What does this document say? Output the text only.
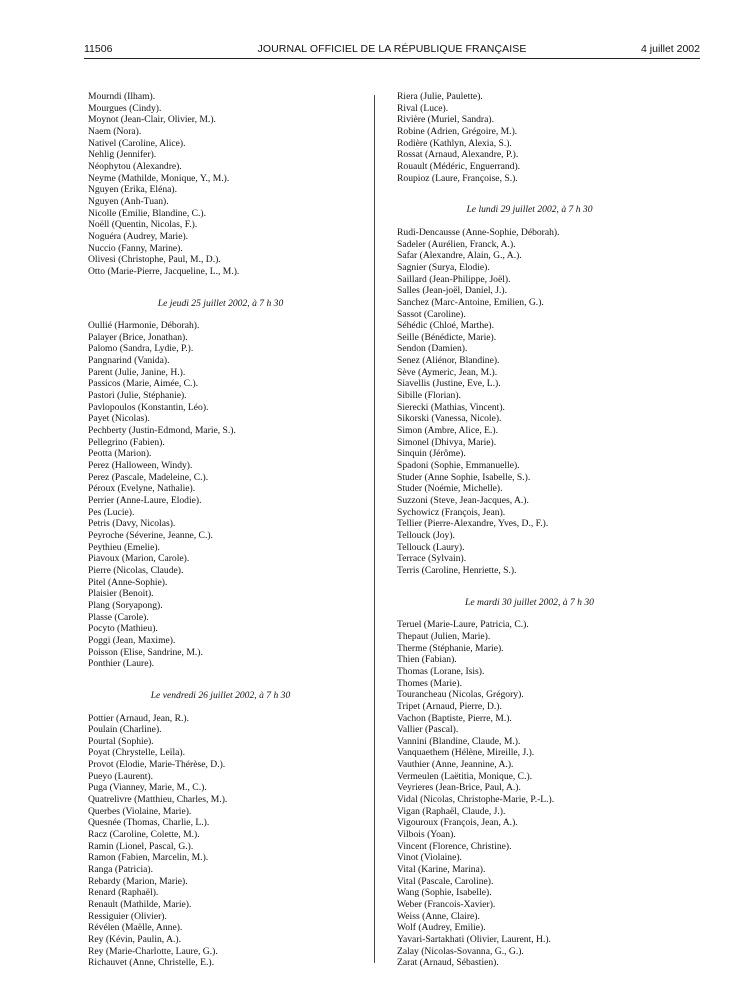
11506	JOURNAL OFFICIEL DE LA RÉPUBLIQUE FRANÇAISE	4 juillet 2002
Mourndi (Ilham).
Mourgues (Cindy).
Moynot (Jean-Clair, Olivier, M.).
Naem (Nora).
Nativel (Caroline, Alice).
Nehlig (Jennifer).
Néophytou (Alexandre).
Neyme (Mathilde, Monique, Y., M.).
Nguyen (Erika, Eléna).
Nguyen (Anh-Tuan).
Nicolle (Emilie, Blandine, C.).
Noëll (Quentin, Nicolas, F.).
Noguéra (Audrey, Marie).
Nuccio (Fanny, Marine).
Olivesi (Christophe, Paul, M., D.).
Otto (Marie-Pierre, Jacqueline, L., M.).
Le jeudi 25 juillet 2002, à 7 h 30
Oullié (Harmonie, Déborah).
Palayer (Brice, Jonathan).
Palomo (Sandra, Lydie, P.).
Pangnarind (Vanida).
Parent (Julie, Janine, H.).
Passicos (Marie, Aimée, C.).
Pastori (Julie, Stéphanie).
Pavlopoulos (Konstantin, Léo).
Payet (Nicolas).
Pechberty (Justin-Edmond, Marie, S.).
Pellegrino (Fabien).
Peotta (Marion).
Perez (Halloween, Windy).
Perez (Pascale, Madeleine, C.).
Péroux (Evelyne, Nathalie).
Perrier (Anne-Laure, Elodie).
Pes (Lucie).
Petris (Davy, Nicolas).
Peyroche (Séverine, Jeanne, C.).
Peythieu (Emelie).
Piavoux (Marion, Carole).
Pierre (Nicolas, Claude).
Pitel (Anne-Sophie).
Plaisier (Benoit).
Plang (Soryapong).
Plasse (Carole).
Pocyto (Mathieu).
Poggi (Jean, Maxime).
Poisson (Elise, Sandrine, M.).
Ponthier (Laure).
Le vendredi 26 juillet 2002, à 7 h 30
Pottier (Arnaud, Jean, R.).
Poulain (Charline).
Pourtal (Sophie).
Poyat (Chrystelle, Leïla).
Provot (Elodie, Marie-Thérèse, D.).
Pueyo (Laurent).
Puga (Vianney, Marie, M., C.).
Quatrelivre (Matthieu, Charles, M.).
Querbes (Violaine, Marie).
Quesnée (Thomas, Charlie, L.).
Racz (Caroline, Colette, M.).
Ramin (Lionel, Pascal, G.).
Ramon (Fabien, Marcelin, M.).
Ranga (Patricia).
Rebardy (Marion, Marie).
Renard (Raphaël).
Renault (Mathilde, Marie).
Ressiguier (Olivier).
Révélen (Maëlle, Anne).
Rey (Kévin, Paulin, A.).
Rey (Marie-Charlotte, Laure, G.).
Richauvet (Anne, Christelle, E.).
Riera (Julie, Paulette).
Rival (Luce).
Rivière (Muriel, Sandra).
Robine (Adrien, Grégoire, M.).
Rodière (Kathlyn, Alexia, S.).
Rossat (Arnaud, Alexandre, P.).
Rouault (Médéric, Enguerrand).
Roupioz (Laure, Françoise, S.).
Le lundi 29 juillet 2002, à 7 h 30
Rudi-Dencausse (Anne-Sophie, Déborah).
Sadeler (Aurélien, Franck, A.).
Safar (Alexandre, Alain, G., A.).
Sagnier (Surya, Elodie).
Saillard (Jean-Philippe, Joël).
Salles (Jean-joël, Daniel, J.).
Sanchez (Marc-Antoine, Emilien, G.).
Sassot (Caroline).
Séhédic (Chloé, Marthe).
Seille (Bénédicte, Marie).
Sendon (Damien).
Senez (Aliénor, Blandine).
Sève (Aymeric, Jean, M.).
Siavellis (Justine, Eve, L.).
Sibille (Florian).
Sierecki (Mathias, Vincent).
Sikorski (Vanessa, Nicole).
Simon (Ambre, Alice, E.).
Simonel (Dhivya, Marie).
Sinquin (Jérôme).
Spadoni (Sophie, Emmanuelle).
Studer (Anne Sophie, Isabelle, S.).
Studer (Noémie, Michelle).
Suzzoni (Steve, Jean-Jacques, A.).
Sychowicz (François, Jean).
Tellier (Pierre-Alexandre, Yves, D., F.).
Tellouck (Joy).
Tellouck (Laury).
Terrace (Sylvain).
Terris (Caroline, Henriette, S.).
Le mardi 30 juillet 2002, à 7 h 30
Teruel (Marie-Laure, Patricia, C.).
Thepaut (Julien, Marie).
Therme (Stéphanie, Marie).
Thien (Fabian).
Thomas (Lorane, Isis).
Thomes (Marie).
Tourancheau (Nicolas, Grégory).
Tripet (Arnaud, Pierre, D.).
Vachon (Baptiste, Pierre, M.).
Vallier (Pascal).
Vannini (Blandine, Claude, M.).
Vanquaethem (Hélène, Mireille, J.).
Vauthier (Anne, Jeannine, A.).
Vermeulen (Laëtitia, Monique, C.).
Veyrieres (Jean-Brice, Paul, A.).
Vidal (Nicolas, Christophe-Marie, P.-L.).
Vigan (Raphaël, Claude, J.).
Vigouroux (François, Jean, A.).
Vilbois (Yoan).
Vincent (Florence, Christine).
Vinot (Violaine).
Vital (Karine, Marina).
Vital (Pascale, Caroline).
Wang (Sophie, Isabelle).
Weber (Francois-Xavier).
Weiss (Anne, Claire).
Wolf (Audrey, Emilie).
Yavari-Sartakhati (Olivier, Laurent, H.).
Zalay (Nicolas-Sovanna, G., G.).
Zarat (Arnaud, Sébastien).
